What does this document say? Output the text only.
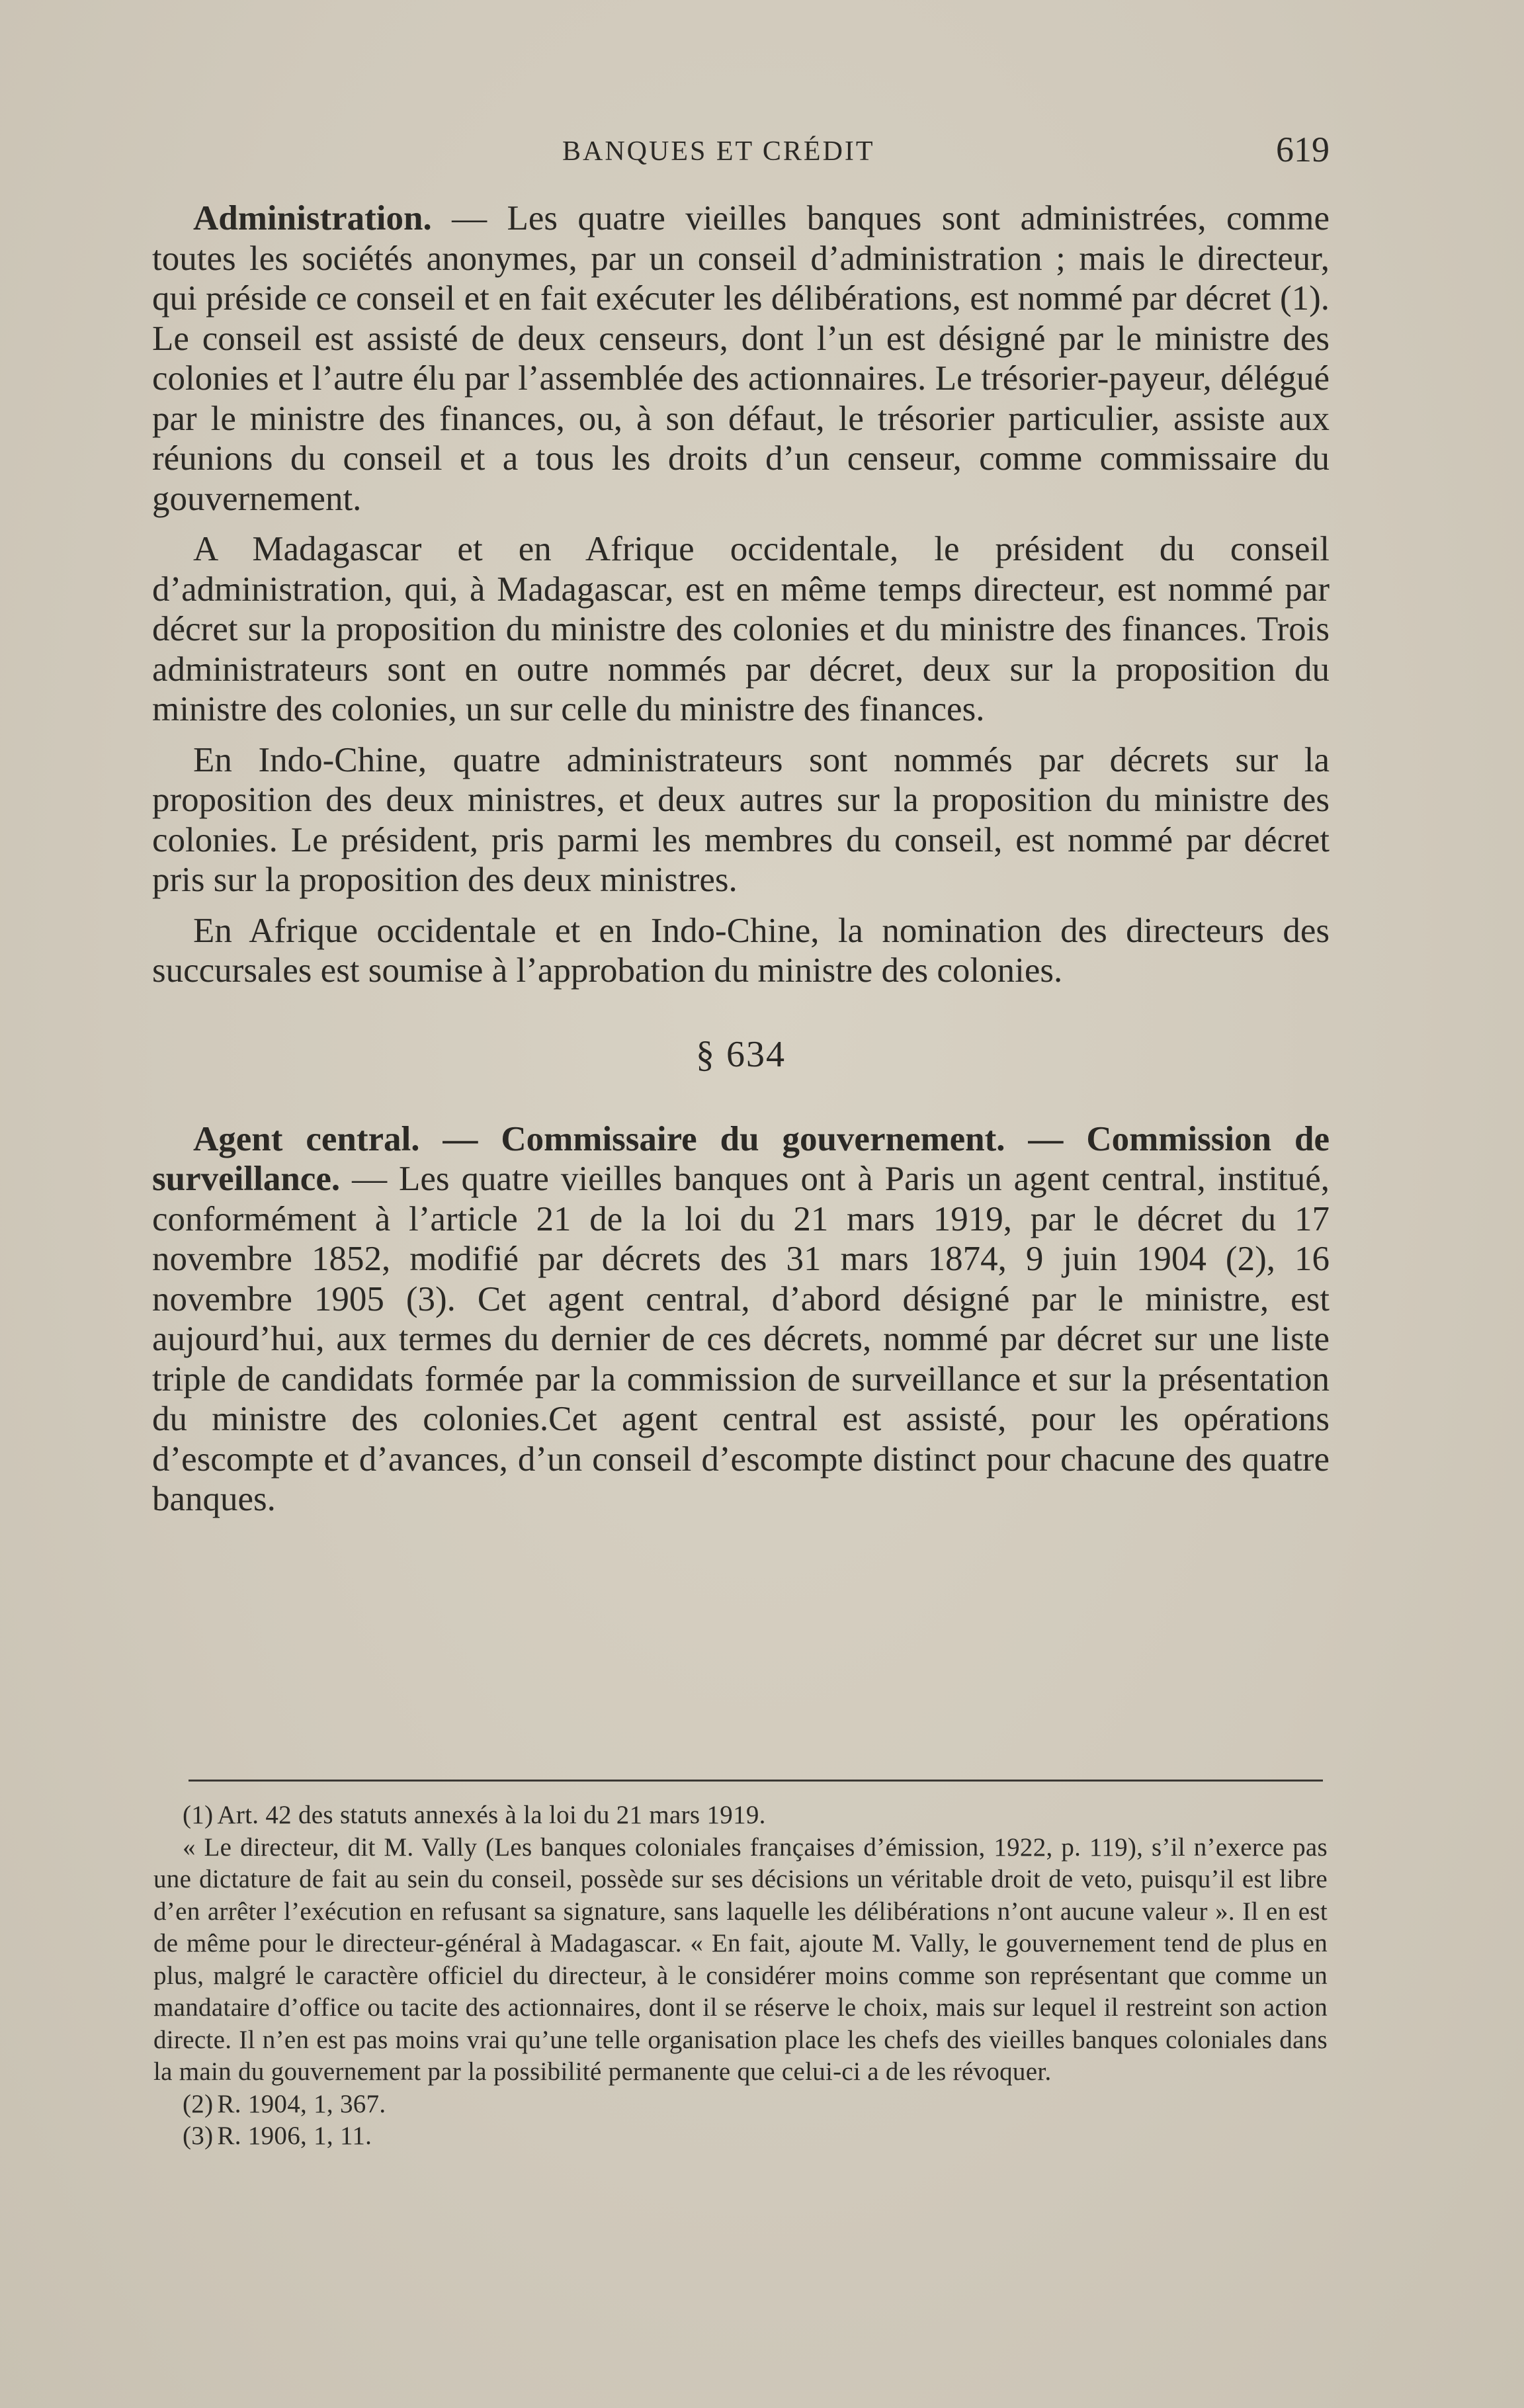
BANQUES ET CRÉDIT	619

Administration. — Les quatre vieilles banques sont administrées, comme toutes les sociétés anonymes, par un conseil d’administration ; mais le directeur, qui préside ce conseil et en fait exécuter les délibérations, est nommé par décret (1). Le conseil est assisté de deux censeurs, dont l’un est désigné par le ministre des colonies et l’autre élu par l’assemblée des actionnaires. Le trésorier-payeur, délégué par le ministre des finances, ou, à son défaut, le trésorier particulier, assiste aux réunions du conseil et a tous les droits d’un censeur, comme commissaire du gouvernement.

A Madagascar et en Afrique occidentale, le président du conseil d’administration, qui, à Madagascar, est en même temps directeur, est nommé par décret sur la proposition du ministre des colonies et du ministre des finances. Trois administrateurs sont en outre nommés par décret, deux sur la proposition du ministre des colonies, un sur celle du ministre des finances.

En Indo-Chine, quatre administrateurs sont nommés par décrets sur la proposition des deux ministres, et deux autres sur la proposition du ministre des colonies. Le président, pris parmi les membres du conseil, est nommé par décret pris sur la proposition des deux ministres.

En Afrique occidentale et en Indo-Chine, la nomination des directeurs des succursales est soumise à l’approbation du ministre des colonies.

§ 634

Agent central. — Commissaire du gouvernement. — Commission de surveillance. — Les quatre vieilles banques ont à Paris un agent central, institué, conformément à l’article 21 de la loi du 21 mars 1919, par le décret du 17 novembre 1852, modifié par décrets des 31 mars 1874, 9 juin 1904 (2), 16 novembre 1905 (3). Cet agent central, d’abord désigné par le ministre, est aujourd’hui, aux termes du dernier de ces décrets, nommé par décret sur une liste triple de candidats formée par la commission de surveillance et sur la présentation du ministre des colonies.Cet agent central est assisté, pour les opérations d’escompte et d’avances, d’un conseil d’escompte distinct pour chacune des quatre banques.

(1) Art. 42 des statuts annexés à la loi du 21 mars 1919.

« Le directeur, dit M. Vally (Les banques coloniales françaises d’émission, 1922, p. 119), s’il n’exerce pas une dictature de fait au sein du conseil, possède sur ses décisions un véritable droit de veto, puisqu’il est libre d’en arrêter l’exécution en refusant sa signature, sans laquelle les délibérations n’ont aucune valeur ». Il en est de même pour le directeur-général à Madagascar. « En fait, ajoute M. Vally, le gouvernement tend de plus en plus, malgré le caractère officiel du directeur, à le considérer moins comme son représentant que comme un mandataire d’office ou tacite des actionnaires, dont il se réserve le choix, mais sur lequel il restreint son action directe. Il n’en est pas moins vrai qu’une telle organisation place les chefs des vieilles banques coloniales dans la main du gouvernement par la possibilité permanente que celui-ci a de les révoquer.

(2) R. 1904, 1, 367.

(3) R. 1906, 1, 11.
